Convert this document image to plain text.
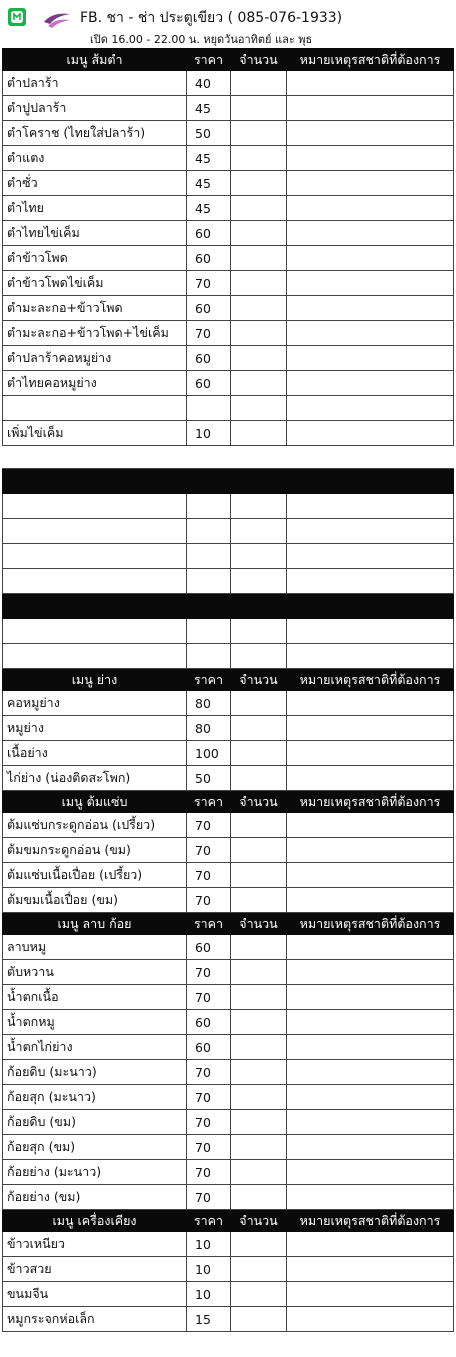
FB. ชา - ช่า ประตูเขียว ( 085-076-1933)
เปิด 16.00 - 22.00 น. หยุดวันอาทิตย์ และ พุธ
เมนู ส้มตำ	ราคา	จำนวน	หมายเหตุรสชาติที่ต้องการ
ตำปลาร้า	40		
ตำปูปลาร้า	45		
ตำโคราช (ไทยใส่ปลาร้า)	50		
ตำแตง	45		
ตำซั่ว	45		
ตำไทย	45		
ตำไทยไข่เค็ม	60		
ตำข้าวโพด	60		
ตำข้าวโพดไข่เค็ม	70		
ตำมะละกอ+ข้าวโพด	60		
ตำมะละกอ+ข้าวโพด+ไข่เค็ม	70		
ตำปลาร้าคอหมูย่าง	60		
ตำไทยคอหมูย่าง	60		

เพิ่มไข่เค็ม	10		

เมนู ย่าง	ราคา	จำนวน	หมายเหตุรสชาติที่ต้องการ
คอหมูย่าง	80		
หมูย่าง	80		
เนื้อย่าง	100		
ไก่ย่าง (น่องติดสะโพก)	50		
เมนู ต้มแซ่บ	ราคา	จำนวน	หมายเหตุรสชาติที่ต้องการ
ต้มแซ่บกระดูกอ่อน (เปรี้ยว)	70		
ต้มขมกระดูกอ่อน (ขม)	70		
ต้มแซ่บเนื้อเปื่อย (เปรี้ยว)	70		
ต้มขมเนื้อเปื่อย (ขม)	70		
เมนู ลาบ ก้อย	ราคา	จำนวน	หมายเหตุรสชาติที่ต้องการ
ลาบหมู	60		
ตับหวาน	70		
น้ำตกเนื้อ	70		
น้ำตกหมู	60		
น้ำตกไก่ย่าง	60		
ก้อยดิบ (มะนาว)	70		
ก้อยสุก (มะนาว)	70		
ก้อยดิบ (ขม)	70		
ก้อยสุก (ขม)	70		
ก้อยย่าง (มะนาว)	70		
ก้อยย่าง (ขม)	70		
เมนู เครื่องเคียง	ราคา	จำนวน	หมายเหตุรสชาติที่ต้องการ
ข้าวเหนียว	10		
ข้าวสวย	10		
ขนมจีน	10		
หมูกระจกห่อเล็ก	15		
